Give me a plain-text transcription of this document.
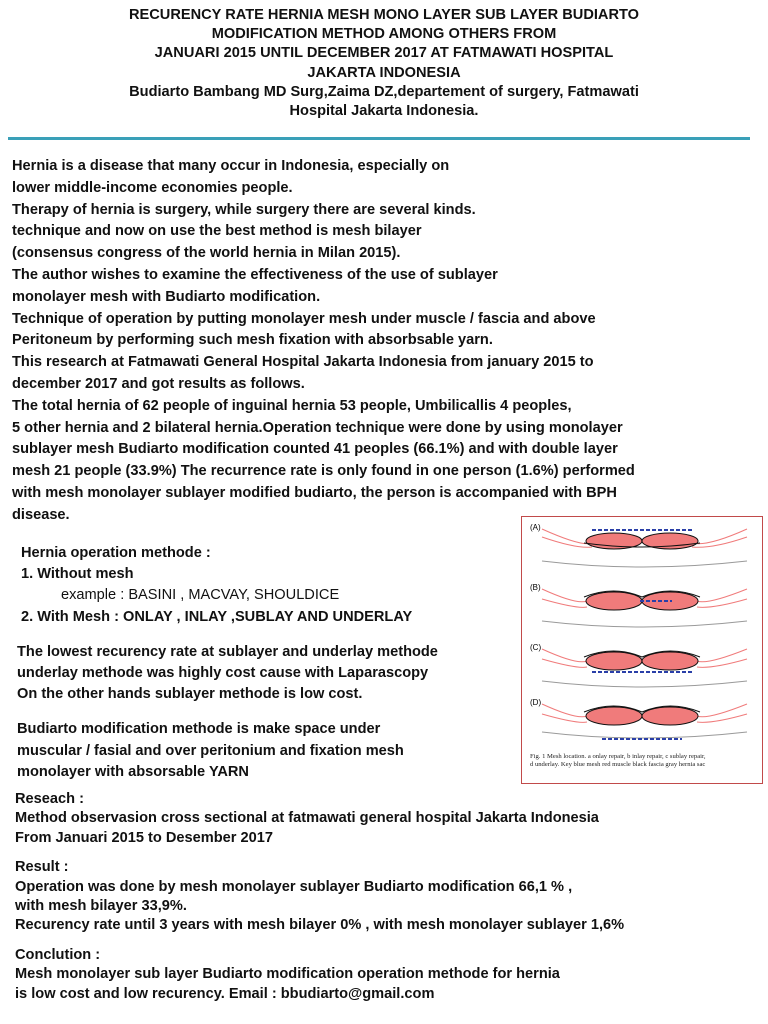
RECURENCY RATE HERNIA MESH MONO LAYER SUB LAYER BUDIARTO
MODIFICATION METHOD AMONG OTHERS FROM
JANUARI 2015 UNTIL DECEMBER 2017 AT FATMAWATI HOSPITAL
JAKARTA INDONESIA
Budiarto Bambang MD Surg,Zaima DZ,departement of surgery, Fatmawati
Hospital Jakarta Indonesia.

Hernia is a disease that many occur in Indonesia, especially on

lower middle-income economies people.

Therapy of hernia is surgery, while surgery there are several kinds.

technique and now on use the best method is mesh bilayer

(consensus congress of the world hernia in Milan 2015).

The author wishes to examine the effectiveness of the use of sublayer

monolayer mesh with Budiarto modification.

Technique of operation by putting monolayer mesh under muscle / fascia and above

Peritoneum by performing such mesh fixation with absorbsable yarn.

This research at Fatmawati General Hospital Jakarta Indonesia from january 2015 to

december 2017 and got results as follows.

The total hernia of 62 people of inguinal hernia 53 people, Umbilicallis 4 peoples,

5 other hernia and 2 bilateral hernia.Operation technique were done by using monolayer

sublayer mesh Budiarto modification counted 41 peoples (66.1%) and with double layer

mesh 21 people (33.9%) The recurrence rate is only found in one person (1.6%) performed

with mesh monolayer sublayer modified budiarto, the person is accompanied with BPH

disease.

Hernia operation methode :

1. Without mesh

example : BASINI , MACVAY, SHOULDICE

2. With Mesh : ONLAY , INLAY ,SUBLAY AND UNDERLAY

The lowest recurency rate at sublayer and underlay methode

underlay methode was highly cost cause with Laparascopy

On the other hands sublayer methode is low cost.

Budiarto modification methode is make space under

muscular / fasial and over peritonium and fixation mesh

monolayer with absorsable YARN

(A)
(B)
(C)
(D)
Fig. 1 Mesh location. a onlay repair, b inlay repair, c sublay repair,
d underlay. Key blue mesh red muscle black fascia gray hernia sac

Reseach :

Method observasion cross sectional at fatmawati general hospital Jakarta Indonesia

From Januari 2015 to Desember 2017

Result :

Operation was done by mesh monolayer sublayer Budiarto modification 66,1 % ,

with mesh bilayer 33,9%.

Recurency rate until 3 years with mesh bilayer 0% , with mesh monolayer sublayer 1,6%

Conclution :

Mesh monolayer sub layer Budiarto modification operation methode for hernia

is low cost and low recurency. Email : bbudiarto@gmail.com
